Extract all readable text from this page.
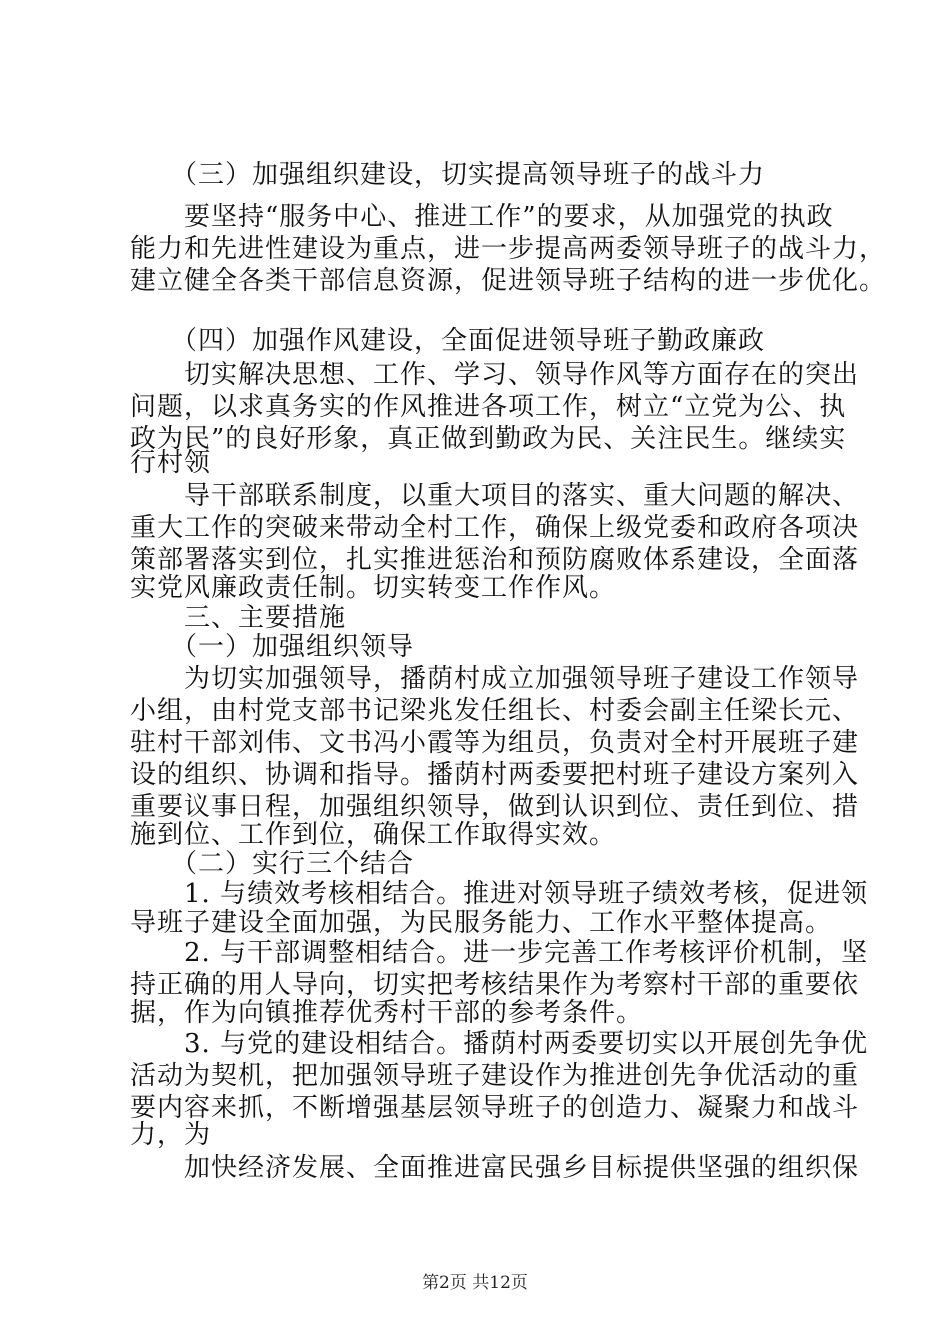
　　（三）加强组织建设，切实提高领导班子的战斗力
　　要坚持“服务中心、推进工作”的要求，从加强党的执政
能力和先进性建设为重点，进一步提高两委领导班子的战斗力，
建立健全各类干部信息资源，促进领导班子结构的进一步优化。
　　（四）加强作风建设，全面促进领导班子勤政廉政
　　切实解决思想、工作、学习、领导作风等方面存在的突出
问题，以求真务实的作风推进各项工作，树立“立党为公、执
政为民”的良好形象，真正做到勤政为民、关注民生。继续实
行村领
　　导干部联系制度，以重大项目的落实、重大问题的解决、
重大工作的突破来带动全村工作，确保上级党委和政府各项决
策部署落实到位，扎实推进惩治和预防腐败体系建设，全面落
实党风廉政责任制。切实转变工作作风。
　　三、主要措施
　　（一）加强组织领导
　　为切实加强领导，播荫村成立加强领导班子建设工作领导
小组，由村党支部书记梁兆发任组长、村委会副主任梁长元、
驻村干部刘伟、文书冯小霞等为组员，负责对全村开展班子建
设的组织、协调和指导。播荫村两委要把村班子建设方案列入
重要议事日程，加强组织领导，做到认识到位、责任到位、措
施到位、工作到位，确保工作取得实效。
　　（二）实行三个结合
　　1. 与绩效考核相结合。推进对领导班子绩效考核，促进领
导班子建设全面加强，为民服务能力、工作水平整体提高。
　　2. 与干部调整相结合。进一步完善工作考核评价机制，坚
持正确的用人导向，切实把考核结果作为考察村干部的重要依
据，作为向镇推荐优秀村干部的参考条件。
　　3. 与党的建设相结合。播荫村两委要切实以开展创先争优
活动为契机，把加强领导班子建设作为推进创先争优活动的重
要内容来抓，不断增强基层领导班子的创造力、凝聚力和战斗
力，为
　　加快经济发展、全面推进富民强乡目标提供坚强的组织保
第2页 共12页
